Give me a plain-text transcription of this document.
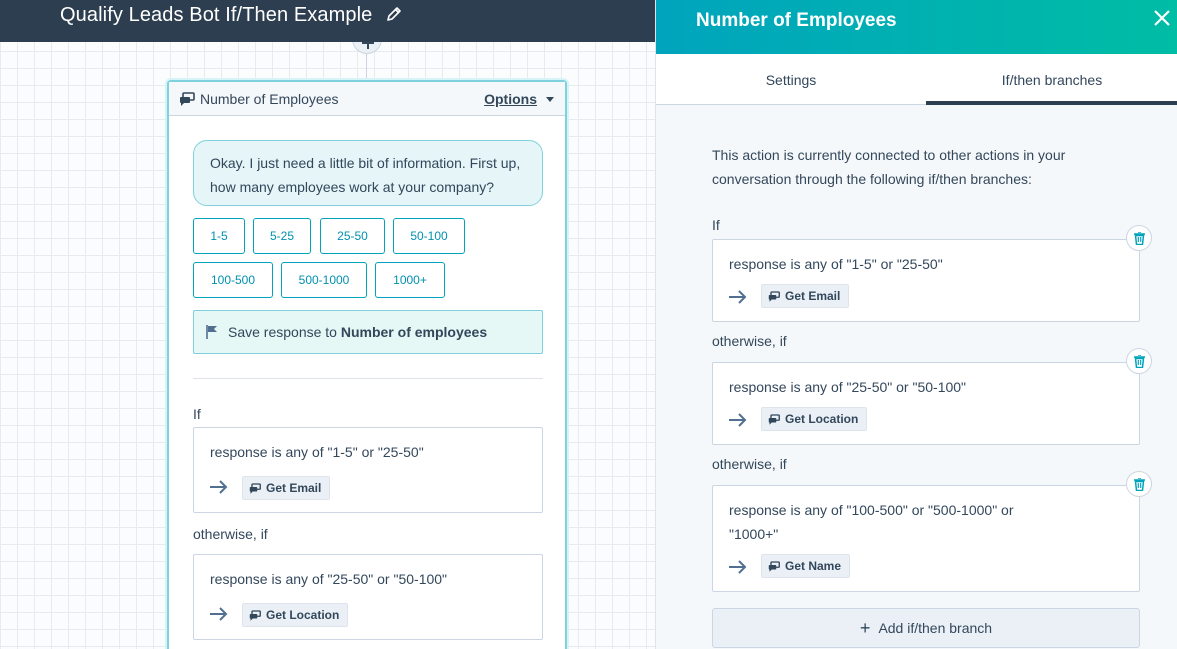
Number of Employees	Options
Okay. I just need a little bit of information. First up, how many employees work at your company?
1-5	5-25	25-50	50-100
100-500	500-1000	1000+
Save response to Number of employees
If
response is any of "1-5" or "25-50"
Get Email
otherwise, if
response is any of "25-50" or "50-100"
Get Location
Qualify Leads Bot If/Then Example	Number of Employees
Settings	If/then branches

This action is currently connected to other actions in your conversation through the following if/then branches:

If
response is any of "1-5" or "25-50"
Get Email
otherwise, if
response is any of "25-50" or "50-100"
Get Location
otherwise, if
response is any of "100-500" or "500-1000" or
"1000+"
Get Name
+ Add if/then branch
